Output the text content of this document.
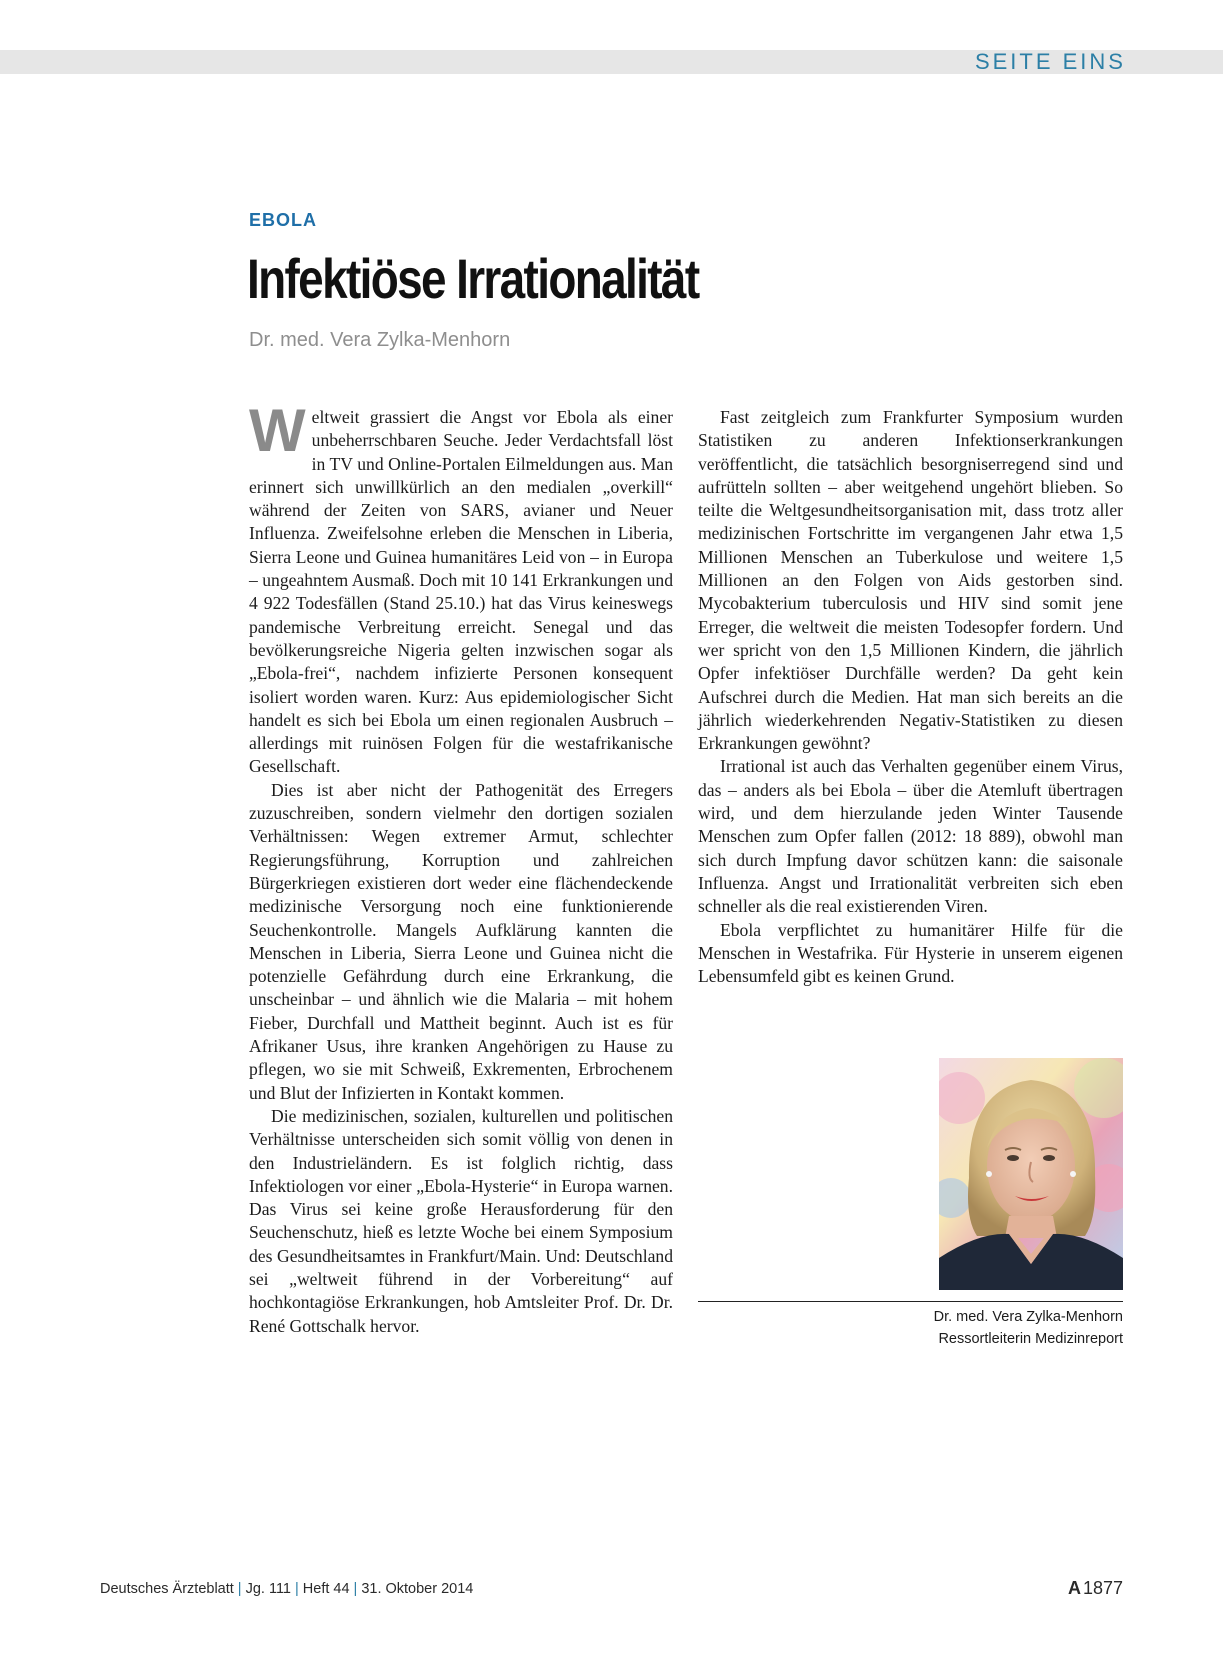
SEITE EINS
EBOLA
Infektiöse Irrationalität
Dr. med. Vera Zylka-Menhorn

Weltweit grassiert die Angst vor Ebola als einer unbeherrschbaren Seuche. Jeder Verdachtsfall löst in TV und Online-Portalen Eilmeldungen aus. Man erinnert sich unwillkürlich an den medialen „overkill“ während der Zeiten von SARS, avianer und Neuer Influenza. Zweifelsohne erleben die Menschen in Liberia, Sierra Leone und Guinea humanitäres Leid von – in Europa – ungeahntem Ausmaß. Doch mit 10 141 Erkrankungen und 4 922 Todesfällen (Stand 25.10.) hat das Virus keineswegs pandemische Verbreitung erreicht. Senegal und das bevölkerungsreiche Nigeria gelten inzwischen sogar als „Ebola-frei“, nachdem infizierte Personen konsequent isoliert worden waren. Kurz: Aus epidemiologischer Sicht handelt es sich bei Ebola um einen regionalen Ausbruch – allerdings mit ruinösen Folgen für die westafrikanische Gesellschaft.

Dies ist aber nicht der Pathogenität des Erregers zuzuschreiben, sondern vielmehr den dortigen sozialen Verhältnissen: Wegen extremer Armut, schlechter Regierungsführung, Korruption und zahlreichen Bürgerkriegen existieren dort weder eine flächendeckende medizinische Versorgung noch eine funktionierende Seuchenkontrolle. Mangels Aufklärung kannten die Menschen in Liberia, Sierra Leone und Guinea nicht die potenzielle Gefährdung durch eine Erkrankung, die unscheinbar – und ähnlich wie die Malaria – mit hohem Fieber, Durchfall und Mattheit beginnt. Auch ist es für Afrikaner Usus, ihre kranken Angehörigen zu Hause zu pflegen, wo sie mit Schweiß, Exkrementen, Erbrochenem und Blut der Infizierten in Kontakt kommen.

Die medizinischen, sozialen, kulturellen und politischen Verhältnisse unterscheiden sich somit völlig von denen in den Industrieländern. Es ist folglich richtig, dass Infektiologen vor einer „Ebola-Hysterie“ in Europa warnen. Das Virus sei keine große Herausforderung für den Seuchenschutz, hieß es letzte Woche bei einem Symposium des Gesundheitsamtes in Frankfurt/Main. Und: Deutschland sei „weltweit führend in der Vorbereitung“ auf hochkontagiöse Erkrankungen, hob Amtsleiter Prof. Dr. Dr. René Gottschalk hervor.

Fast zeitgleich zum Frankfurter Symposium wurden Statistiken zu anderen Infektionserkrankungen veröffentlicht, die tatsächlich besorgniserregend sind und aufrütteln sollten – aber weitgehend ungehört blieben. So teilte die Weltgesundheitsorganisation mit, dass trotz aller medizinischen Fortschritte im vergangenen Jahr etwa 1,5 Millionen Menschen an Tuberkulose und weitere 1,5 Millionen an den Folgen von Aids gestorben sind. Mycobakterium tuberculosis und HIV sind somit jene Erreger, die weltweit die meisten Todesopfer fordern. Und wer spricht von den 1,5 Millionen Kindern, die jährlich Opfer infektiöser Durchfälle werden? Da geht kein Aufschrei durch die Medien. Hat man sich bereits an die jährlich wiederkehrenden Negativ-Statistiken zu diesen Erkrankungen gewöhnt?

Irrational ist auch das Verhalten gegenüber einem Virus, das – anders als bei Ebola – über die Atemluft übertragen wird, und dem hierzulande jeden Winter Tausende Menschen zum Opfer fallen (2012: 18 889), obwohl man sich durch Impfung davor schützen kann: die saisonale Influenza. Angst und Irrationalität verbreiten sich eben schneller als die real existierenden Viren.

Ebola verpflichtet zu humanitärer Hilfe für die Menschen in Westafrika. Für Hysterie in unserem eigenen Lebensumfeld gibt es keinen Grund.

Dr. med. Vera Zylka-Menhorn
Ressortleiterin Medizinreport
Deutsches Ärzteblatt | Jg. 111 | Heft 44 | 31. Oktober 2014	A 1877
